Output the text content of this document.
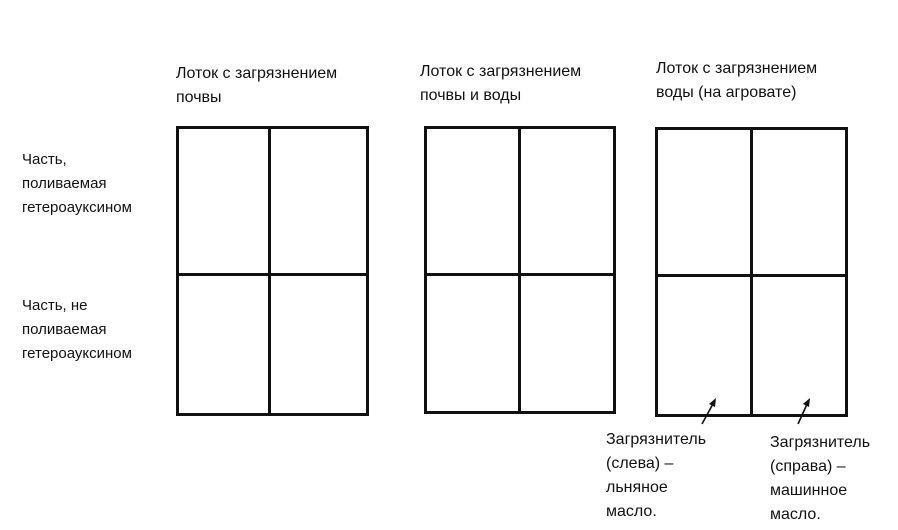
Часть,
поливаемая
гетероауксином
Часть, не
поливаемая
гетероауксином
Лоток с загрязнением
почвы
Лоток с загрязнением
почвы и воды
Лоток с загрязнением
воды (на агровате)
Загрязнитель
(слева) –
льняное
масло.
Загрязнитель
(справа) –
машинное
масло.
